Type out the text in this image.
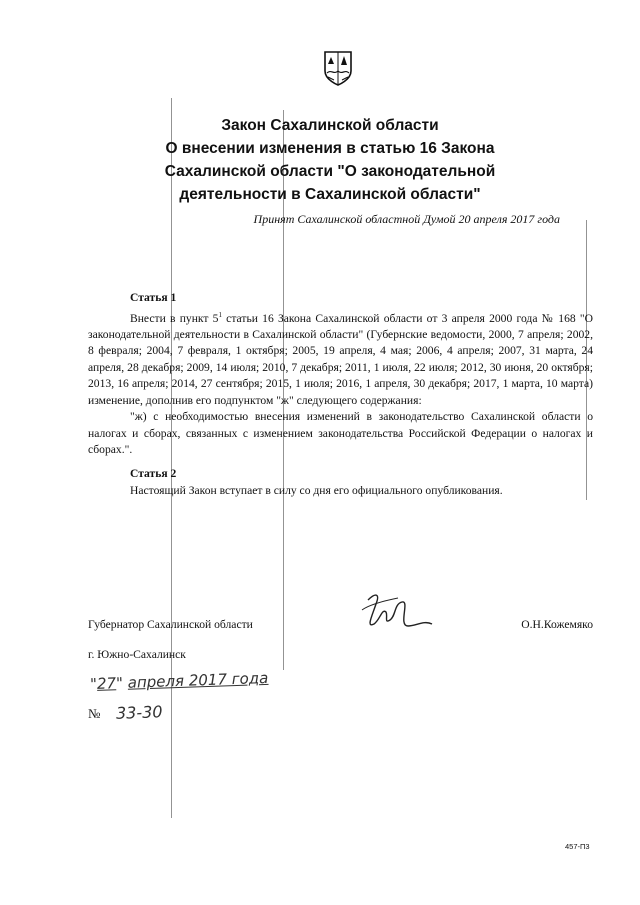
Закон Сахалинской области
О внесении изменения в статью 16 Закона
Сахалинской области "О законодательной
деятельности в Сахалинской области"
Принят Сахалинской областной Думой 20 апреля 2017 года
Статья 1

Внести в пункт $5^1$ статьи 16 Закона Сахалинской области от 3 апреля 2000 года № 168 "О законодательной деятельности в Сахалинской области" (Губернские ведомости, 2000, 7 апреля; 2002, 8 февраля; 2004, 7 февраля, 1 октября; 2005, 19 апреля, 4 мая; 2006, 4 апреля; 2007, 31 марта, 24 апреля, 28 декабря; 2009, 14 июля; 2010, 7 декабря; 2011, 1 июля, 22 июля; 2012, 30 июня, 20 октября; 2013, 16 апреля; 2014, 27 сентября; 2015, 1 июля; 2016, 1 апреля, 30 декабря; 2017, 1 марта, 10 марта) изменение, дополнив его подпунктом "ж" следующего содержания:

"ж) с необходимостью внесения изменений в законодательство Сахалинской области о налогах и сборах, связанных с изменением законодательства Российской Федерации о налогах и сборах.".

Статья 2

Настоящий Закон вступает в силу со дня его официального опубликования.

Губернатор Сахалинской области	О.Н.Кожемяко
г. Южно-Сахалинск
"27" апреля 2017 года
№ 33-30
457-П3
